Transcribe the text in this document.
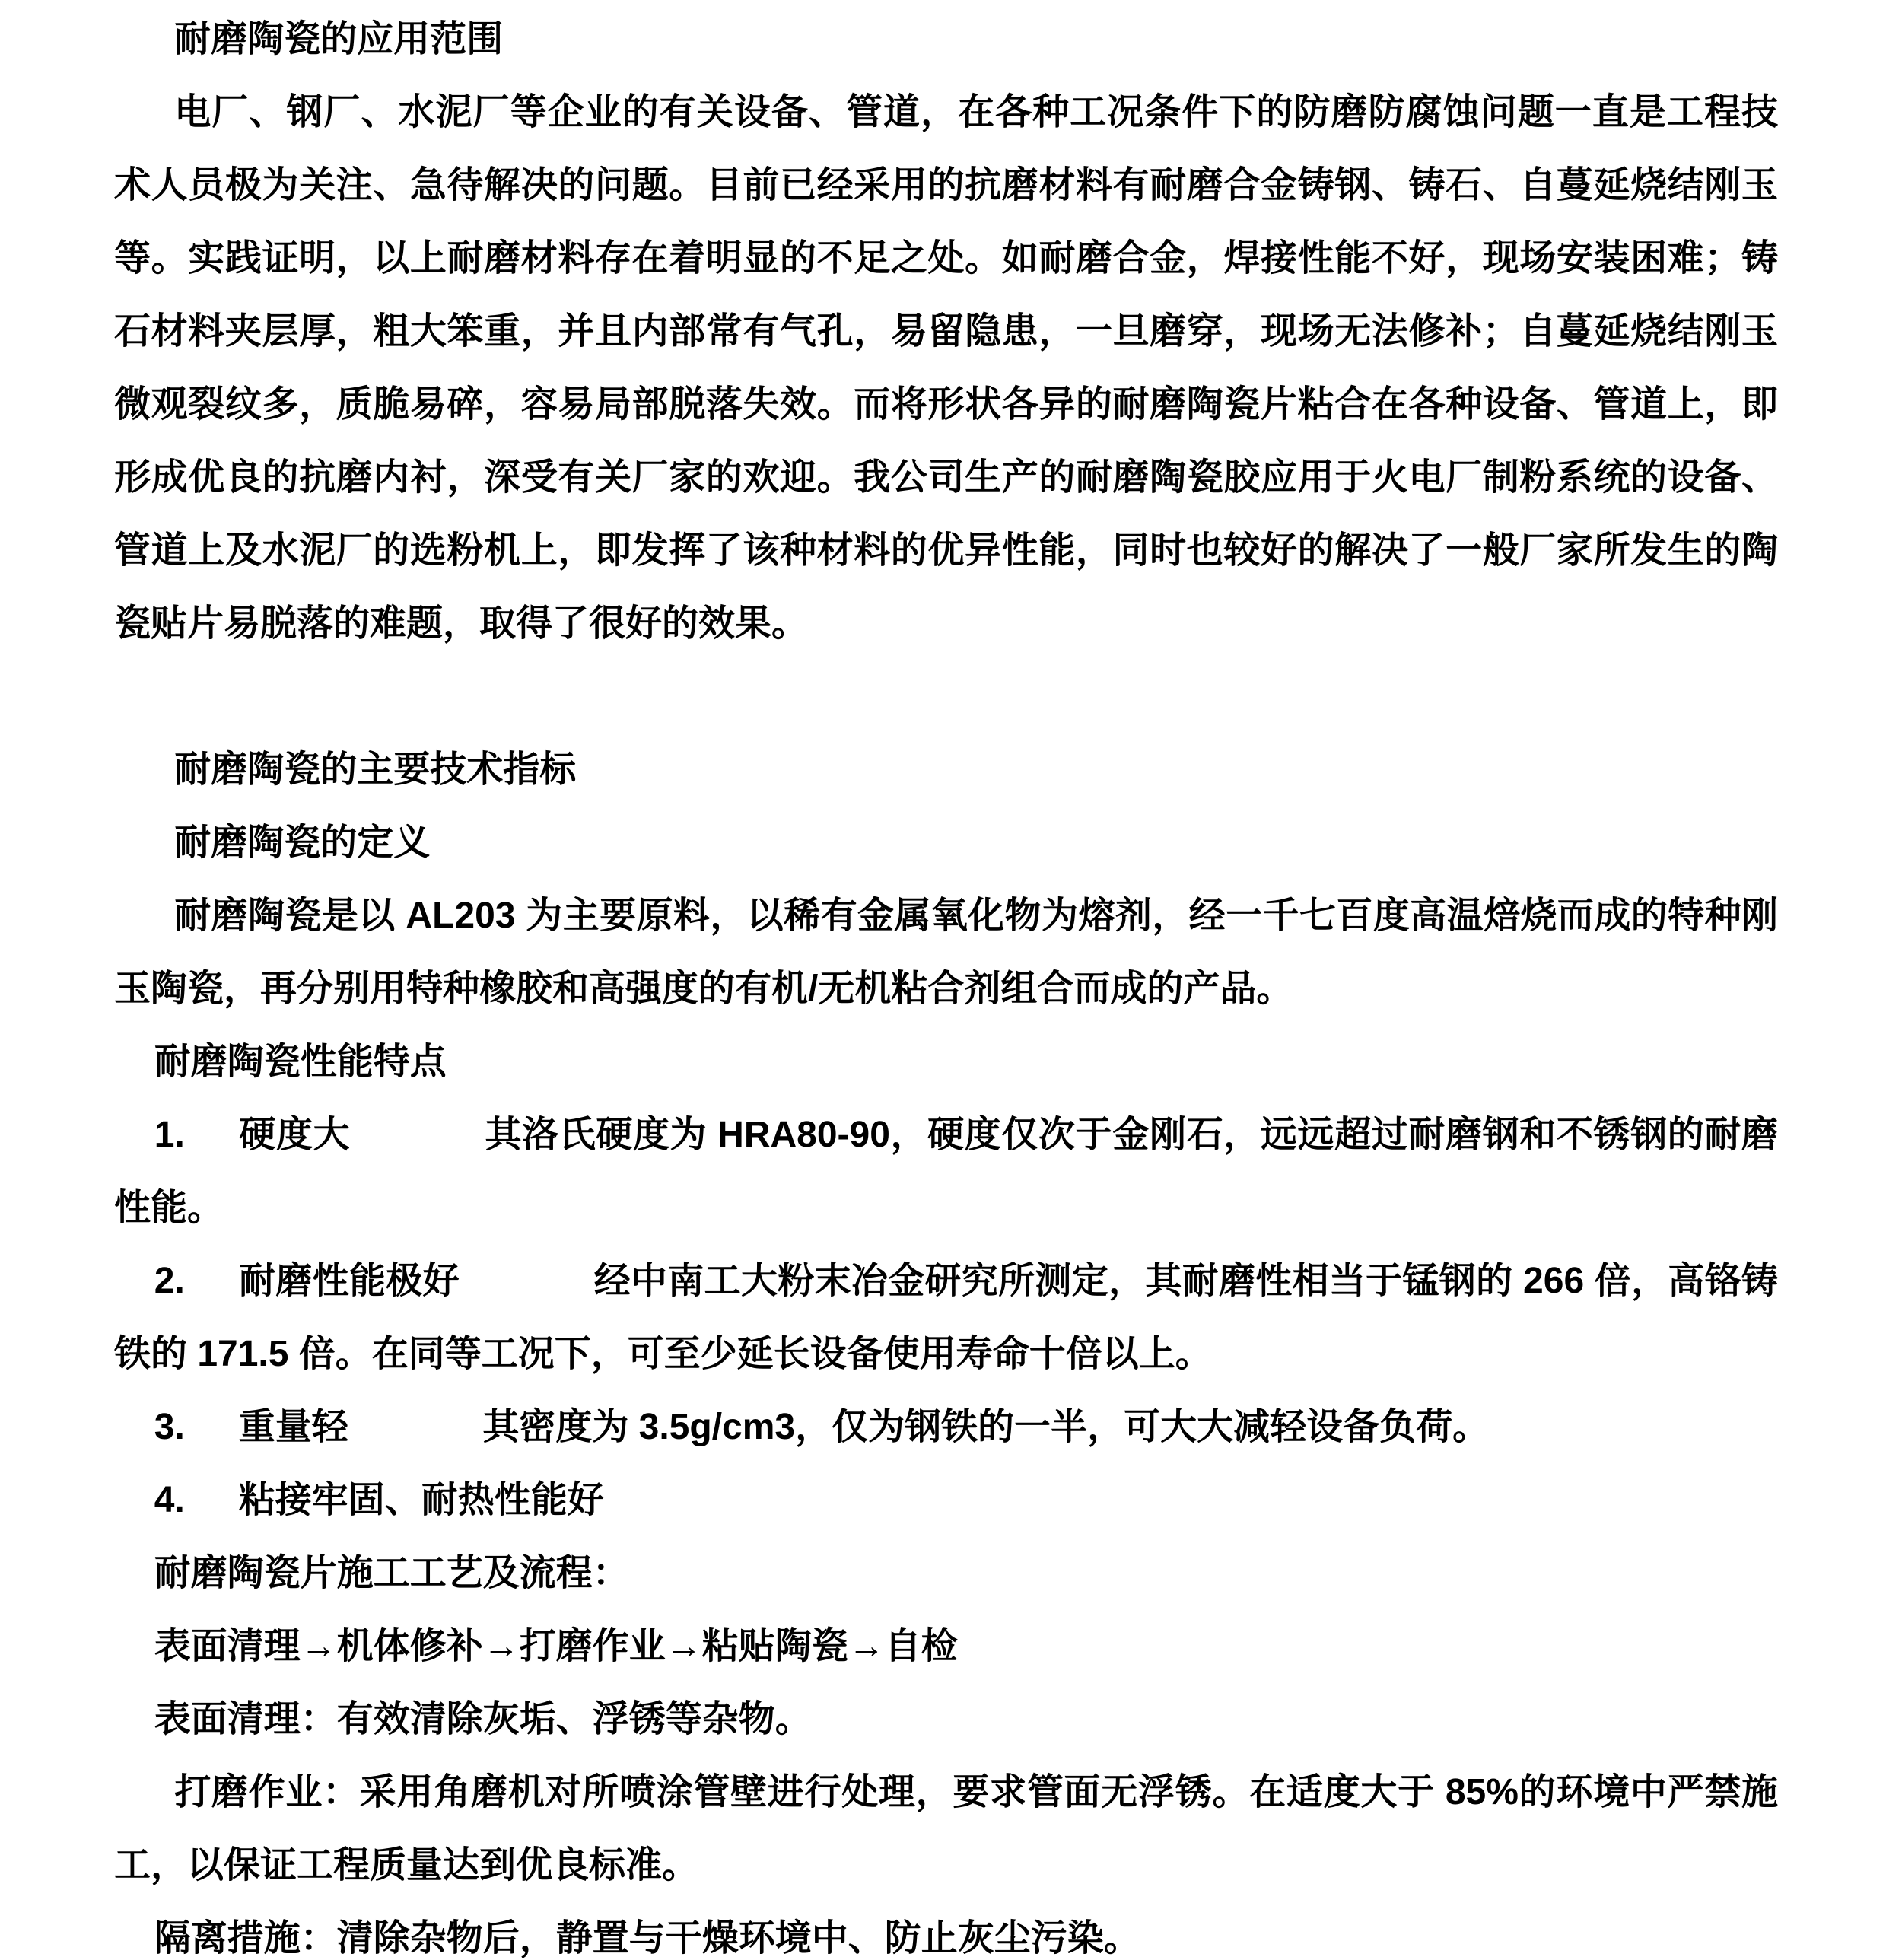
耐磨陶瓷的应用范围

电厂、钢厂、水泥厂等企业的有关设备、管道，在各种工况条件下的防磨防腐蚀问题一直是工程技术人员极为关注、急待解决的问题。目前已经采用的抗磨材料有耐磨合金铸钢、铸石、自蔓延烧结刚玉等。实践证明，以上耐磨材料存在着明显的不足之处。如耐磨合金，焊接性能不好，现场安装困难；铸石材料夹层厚，粗大笨重，并且内部常有气孔，易留隐患，一旦磨穿，现场无法修补；自蔓延烧结刚玉微观裂纹多，质脆易碎，容易局部脱落失效。而将形状各异的耐磨陶瓷片粘合在各种设备、管道上，即形成优良的抗磨内衬，深受有关厂家的欢迎。我公司生产的耐磨陶瓷胶应用于火电厂制粉系统的设备、管道上及水泥厂的选粉机上，即发挥了该种材料的优异性能，同时也较好的解决了一般厂家所发生的陶瓷贴片易脱落的难题，取得了很好的效果。

耐磨陶瓷的主要技术指标

耐磨陶瓷的定义

耐磨陶瓷是以 AL203 为主要原料，以稀有金属氧化物为熔剂，经一千七百度高温焙烧而成的特种刚玉陶瓷，再分别用特种橡胶和高强度的有机/无机粘合剂组合而成的产品。

耐磨陶瓷性能特点

1. 硬度大	其洛氏硬度为 HRA80-90，硬度仅次于金刚石，远远超过耐磨钢和不锈钢的耐磨性能。

2. 耐磨性能极好	经中南工大粉末冶金研究所测定，其耐磨性相当于锰钢的 266 倍，高铬铸铁的 171.5 倍。在同等工况下，可至少延长设备使用寿命十倍以上。

3. 重量轻	其密度为 3.5g/cm3，仅为钢铁的一半，可大大减轻设备负荷。

4. 粘接牢固、耐热性能好

耐磨陶瓷片施工工艺及流程：

表面清理→机体修补→打磨作业→粘贴陶瓷→自检

表面清理：有效清除灰垢、浮锈等杂物。

打磨作业：采用角磨机对所喷涂管壁进行处理，要求管面无浮锈。在适度大于 85%的环境中严禁施工，以保证工程质量达到优良标准。

隔离措施：清除杂物后，静置与干燥环境中、防止灰尘污染。
